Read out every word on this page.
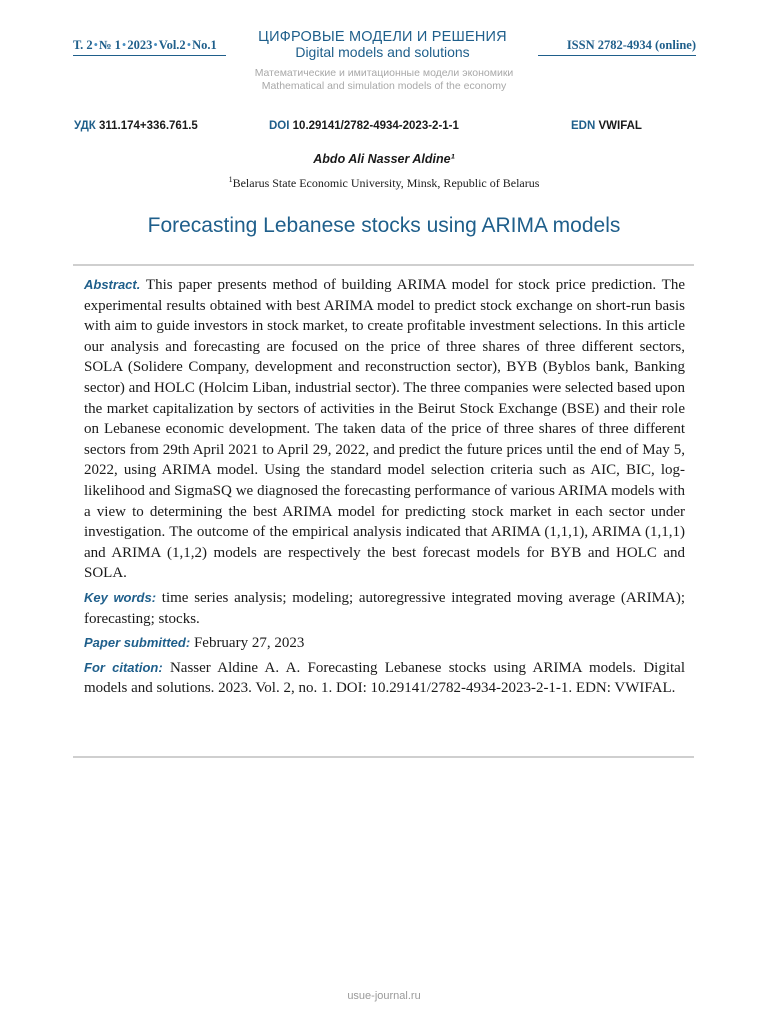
Т. 2•№ 1•2023•Vol.2•No.1	ЦИФРОВЫЕ МОДЕЛИ И РЕШЕНИЯ
Digital models and solutions	ISSN 2782-4934 (online)
Математические и имитационные модели экономики
Mathematical and simulation models of the economy
УДК 311.174+336.761.5	DOI 10.29141/2782-4934-2023-2-1-1	EDN VWIFAL
Abdo Ali Nasser Aldine¹
$^1$Belarus State Economic University, Minsk, Republic of Belarus
Forecasting Lebanese stocks using ARIMA models

Abstract. This paper presents method of building ARIMA model for stock price prediction. The experimental results obtained with best ARIMA model to predict stock exchange on short-run basis with aim to guide investors in stock market, to create profitable investment selections. In this article our analysis and forecasting are focused on the price of three shares of three different sectors, SOLA (Solidere Company, development and reconstruction sector), BYB (Byblos bank, Banking sector) and HOLC (Holcim Liban, industrial sector). The three companies were selected based upon the market capitalization by sectors of activities in the Beirut Stock Exchange (BSE) and their role on Lebanese economic development. The taken data of the price of three shares of three different sectors from 29th April 2021 to April 29, 2022, and predict the future prices until the end of May 5, 2022, using ARIMA model. Using the standard model selection criteria such as AIC, BIC, log-likelihood and SigmaSQ we diagnosed the forecasting performance of various ARIMA models with a view to determining the best ARIMA model for predicting stock market in each sector under investigation. The outcome of the empirical analysis indicated that ARIMA (1,1,1), ARIMA (1,1,1) and ARIMA (1,1,2) models are respectively the best forecast models for BYB and HOLC and SOLA.

Key words: time series analysis; modeling; autoregressive integrated moving average (ARIMA); forecasting; stocks.

Paper submitted: February 27, 2023

For citation: Nasser Aldine A. A. Forecasting Lebanese stocks using ARIMA models. Digital models and solutions. 2023. Vol. 2, no. 1. DOI: 10.29141/2782-4934-2023-2-1-1. EDN: VWIFAL.

usue-journal.ru
